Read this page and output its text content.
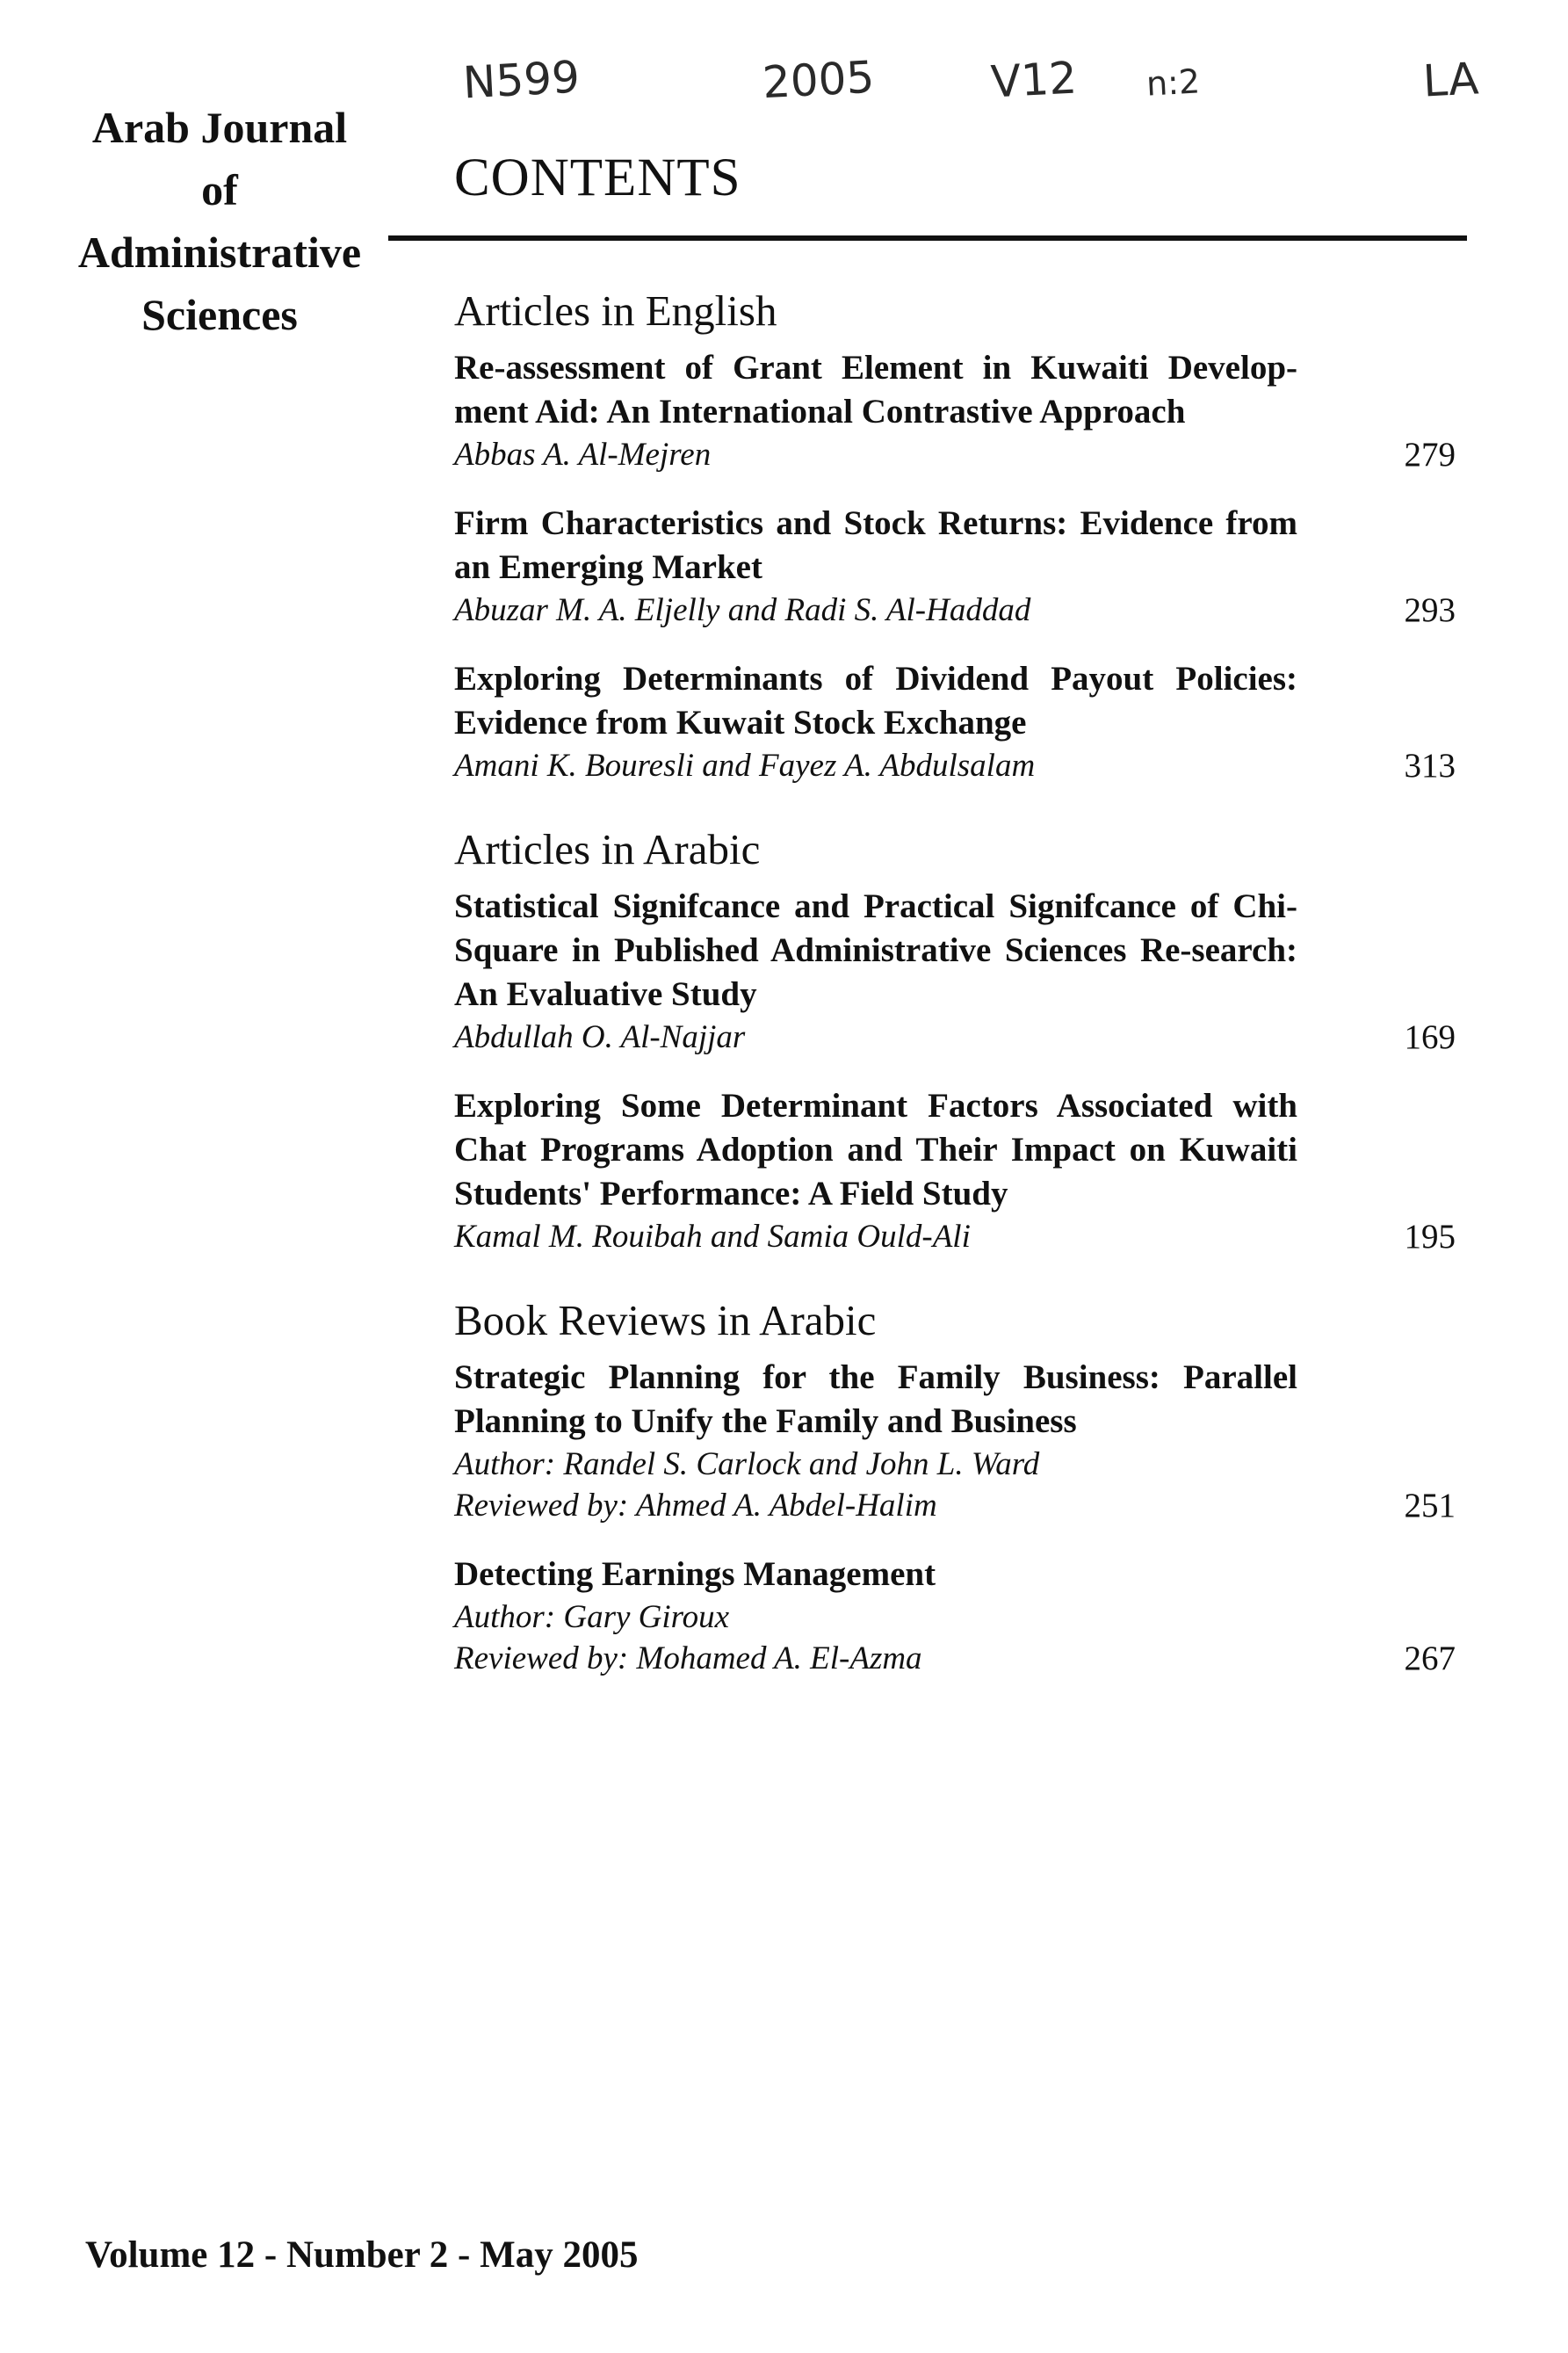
Arab Journal
of
Administrative
Sciences
N599	2005	V12 n:2	LA
CONTENTS
Articles in English
Re-assessment of Grant Element in Kuwaiti Develop-ment Aid: An International Contrastive Approach
Abbas A. Al-Mejren	279
Firm Characteristics and Stock Returns: Evidence from an Emerging Market
Abuzar M. A. Eljelly and Radi S. Al-Haddad	293
Exploring Determinants of Dividend Payout Policies: Evidence from Kuwait Stock Exchange
Amani K. Bouresli and Fayez A. Abdulsalam	313
Articles in Arabic
Statistical Signifcance and Practical Signifcance of Chi-Square in Published Administrative Sciences Re-search: An Evaluative Study
Abdullah O. Al-Najjar	169
Exploring Some Determinant Factors Associated with Chat Programs Adoption and Their Impact on Kuwaiti Students' Performance: A Field Study
Kamal M. Rouibah and Samia Ould-Ali	195
Book Reviews in Arabic
Strategic Planning for the Family Business: Parallel Planning to Unify the Family and Business
Author: Randel S. Carlock and John L. Ward
Reviewed by: Ahmed A. Abdel-Halim	251
Detecting Earnings Management
Author: Gary Giroux
Reviewed by: Mohamed A. El-Azma	267
Volume 12 - Number 2 - May 2005
